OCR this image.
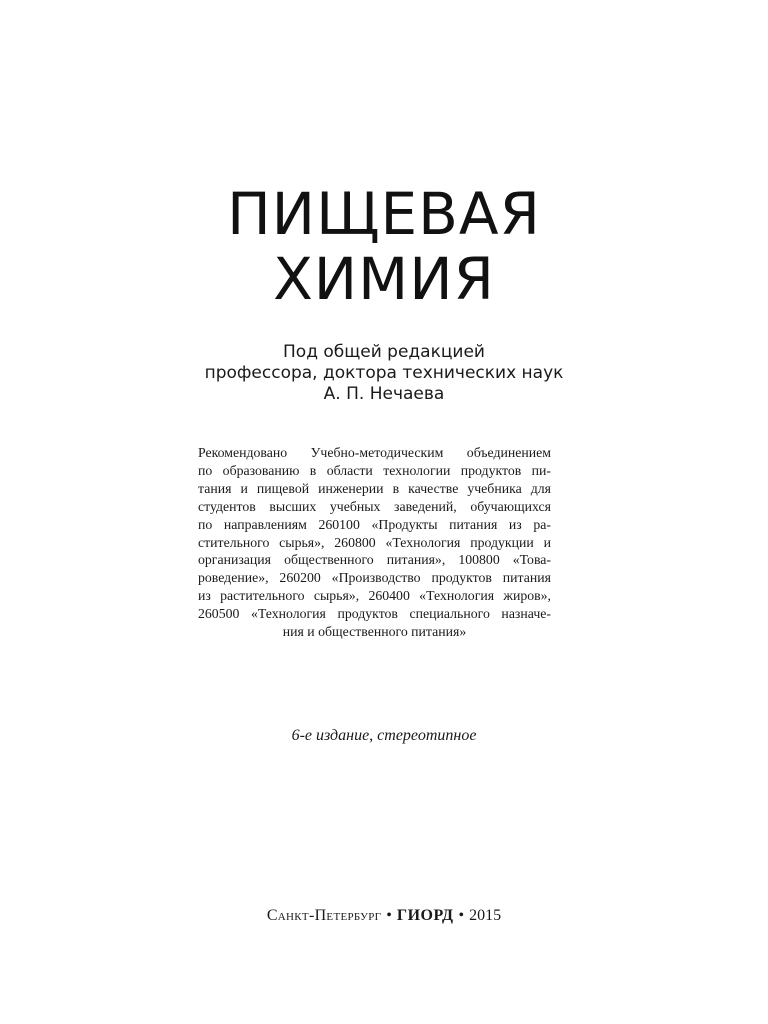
ПИЩЕВАЯ
ХИМИЯ
Под общей редакцией
профессора, доктора технических наук
А. П. Нечаева
Рекомендовано Учебно-методическим объединением
по образованию в области технологии продуктов пи-
тания и пищевой инженерии в качестве учебника для
студентов высших учебных заведений, обучающихся
по направлениям 260100 «Продукты питания из ра-
стительного сырья», 260800 «Технология продукции и
организация общественного питания», 100800 «Това-
роведение», 260200 «Производство продуктов питания
из растительного сырья», 260400 «Технология жиров»,
260500 «Технология продуктов специального назначе-
ния и общественного питания»
6-е издание, стереотипное
Санкт-Петербург • ГИОРД • 2015
